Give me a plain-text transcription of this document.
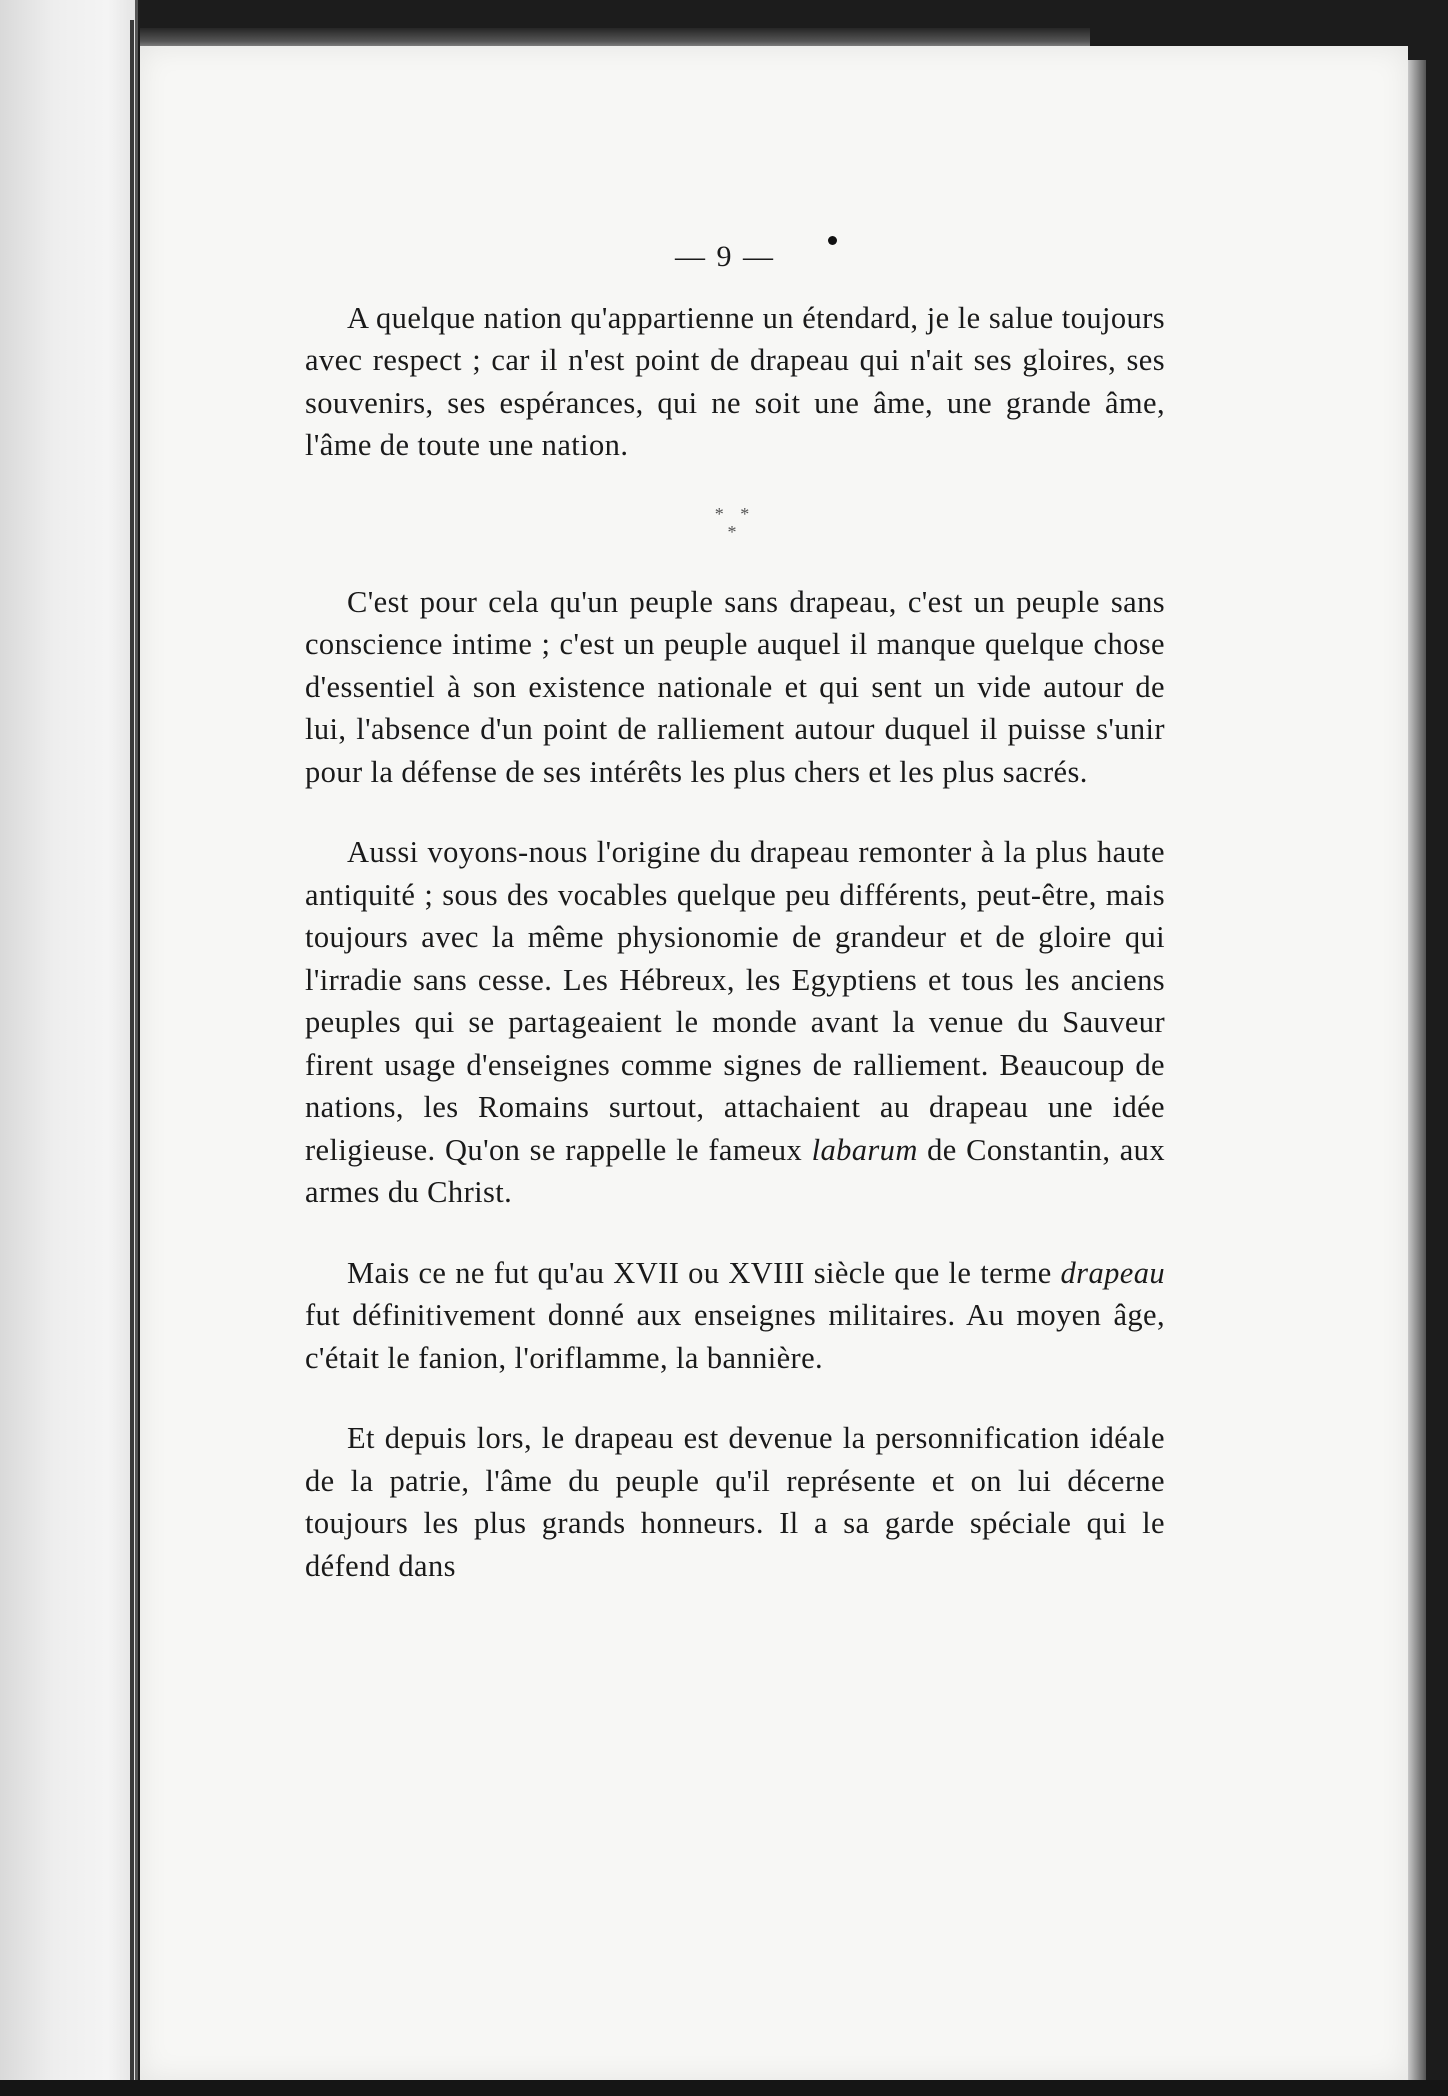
— 9 —

A quelque nation qu'appartienne un étendard, je le salue toujours avec respect ; car il n'est point de drapeau qui n'ait ses gloires, ses souvenirs, ses espérances, qui ne soit une âme, une grande âme, l'âme de toute une nation.

* *
*

C'est pour cela qu'un peuple sans drapeau, c'est un peuple sans conscience intime ; c'est un peuple auquel il manque quelque chose d'essentiel à son existence nationale et qui sent un vide autour de lui, l'absence d'un point de ralliement autour duquel il puisse s'unir pour la défense de ses intérêts les plus chers et les plus sacrés.

Aussi voyons-nous l'origine du drapeau remonter à la plus haute antiquité ; sous des vocables quelque peu différents, peut-être, mais toujours avec la même physionomie de grandeur et de gloire qui l'irradie sans cesse. Les Hébreux, les Egyptiens et tous les anciens peuples qui se partageaient le monde avant la venue du Sauveur firent usage d'enseignes comme signes de ralliement. Beaucoup de nations, les Romains surtout, attachaient au drapeau une idée religieuse. Qu'on se rappelle le fameux labarum de Constantin, aux armes du Christ.

Mais ce ne fut qu'au XVII ou XVIII siècle que le terme drapeau fut définitivement donné aux enseignes militaires. Au moyen âge, c'était le fanion, l'oriflamme, la bannière.

Et depuis lors, le drapeau est devenue la personnification idéale de la patrie, l'âme du peuple qu'il représente et on lui décerne toujours les plus grands honneurs. Il a sa garde spéciale qui le défend dans
